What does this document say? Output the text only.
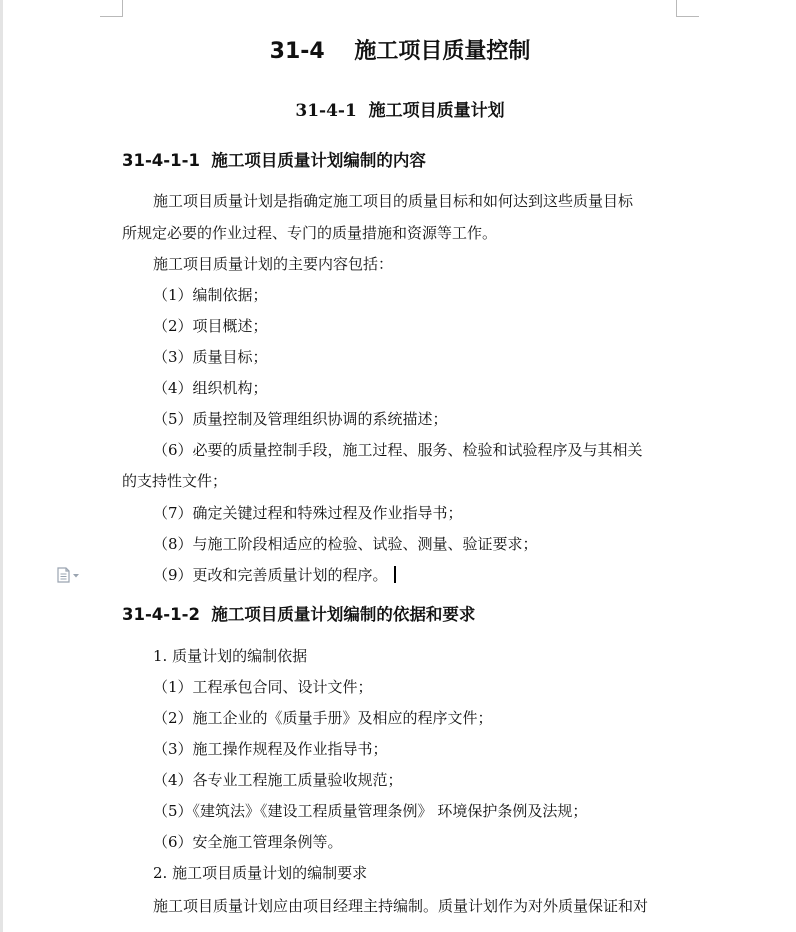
31-4　 施工项目质量控制
31-4-1  施工项目质量计划
31-4-1-1  施工项目质量计划编制的内容
施工项目质量计划是指确定施工项目的质量目标和如何达到这些质量目标
所规定必要的作业过程、专门的质量措施和资源等工作。
施工项目质量计划的主要内容包括：
（1）编制依据；
（2）项目概述；
（3）质量目标；
（4）组织机构；
（5）质量控制及管理组织协调的系统描述；
（6）必要的质量控制手段，施工过程、服务、检验和试验程序及与其相关
的支持性文件；
（7）确定关键过程和特殊过程及作业指导书；
（8）与施工阶段相适应的检验、试验、测量、验证要求；
（9）更改和完善质量计划的程序。
31-4-1-2  施工项目质量计划编制的依据和要求
1. 质量计划的编制依据
（1）工程承包合同、设计文件；
（2）施工企业的《质量手册》及相应的程序文件；
（3）施工操作规程及作业指导书；
（4）各专业工程施工质量验收规范；
（5）《建筑法》《建设工程质量管理条例》 环境保护条例及法规；
（6）安全施工管理条例等。
2. 施工项目质量计划的编制要求
施工项目质量计划应由项目经理主持编制。质量计划作为对外质量保证和对
